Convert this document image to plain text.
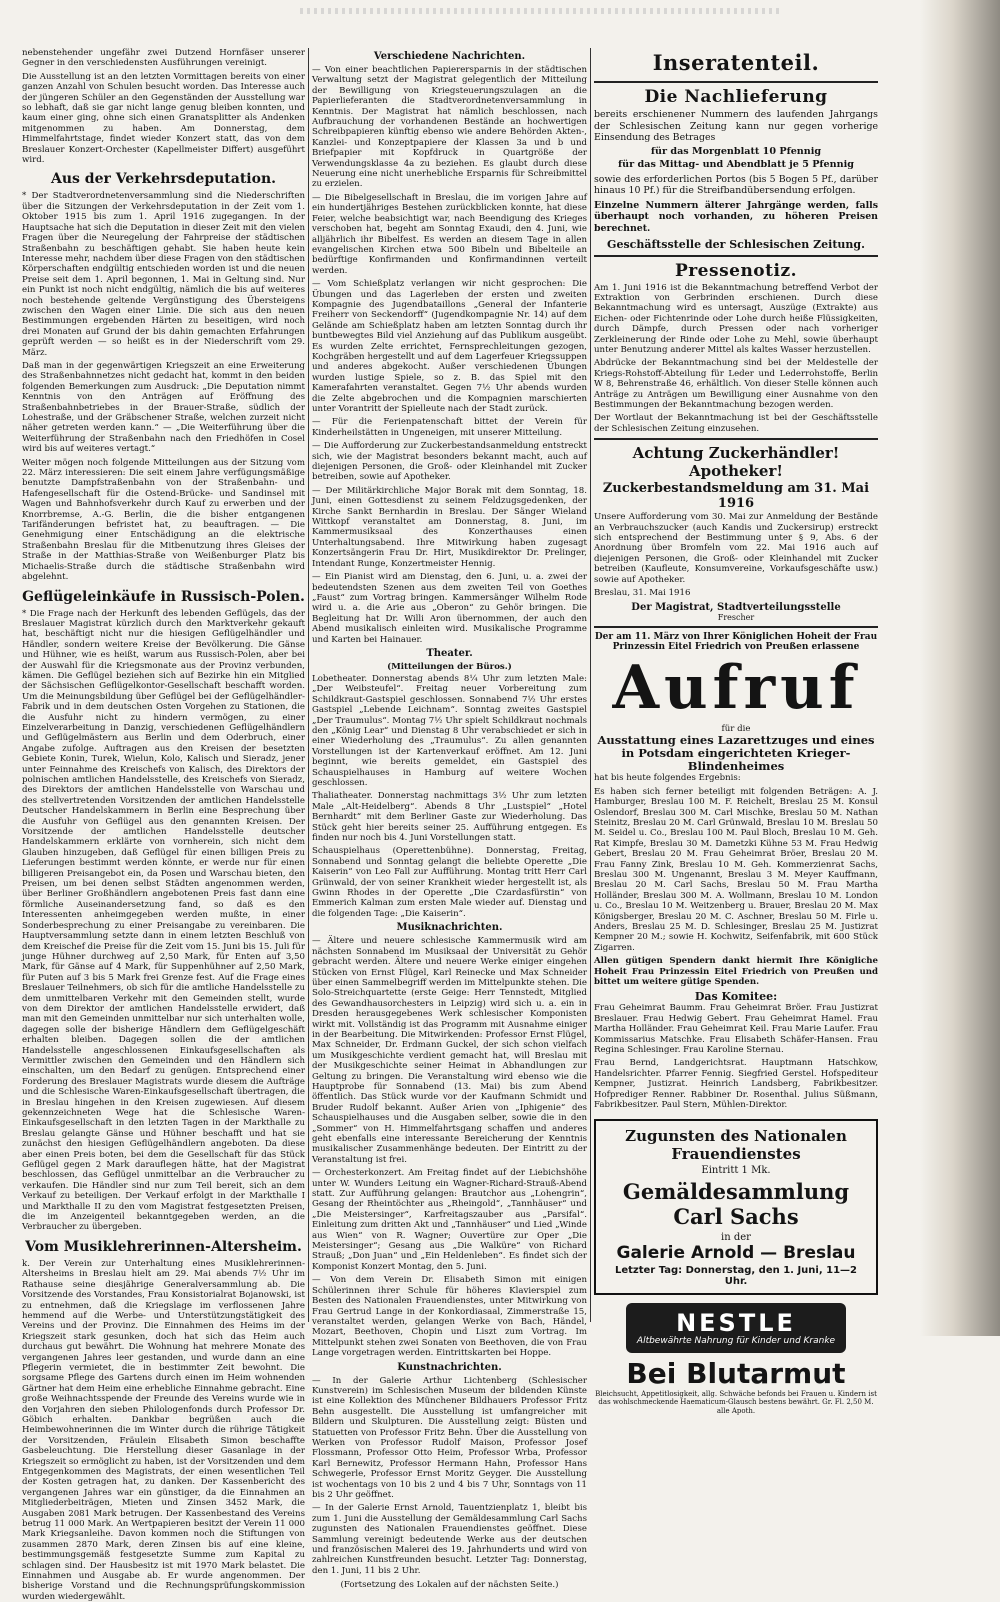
nebenstehender ungefähr zwei Dutzend Hornfäser unserer Gegner in den verschiedensten Ausführungen vereinigt.

Die Ausstellung ist an den letzten Vormittagen bereits von einer ganzen Anzahl von Schulen besucht worden. Das Interesse auch der jüngeren Schüler an den Gegenständen der Ausstellung war so lebhaft, daß sie gar nicht lange genug bleiben konnten, und kaum einer ging, ohne sich einen Granatsplitter als Andenken mitgenommen zu haben. Am Donnerstag, dem Himmelfahrtstage, findet wieder Konzert statt, das von dem Breslauer Konzert-Orchester (Kapellmeister Differt) ausgeführt wird.

Aus der Verkehrsdeputation.

* Der Stadtverordnetenversammlung sind die Niederschriften über die Sitzungen der Verkehrsdeputation in der Zeit vom 1. Oktober 1915 bis zum 1. April 1916 zugegangen. In der Hauptsache hat sich die Deputation in dieser Zeit mit den vielen Fragen über die Neuregelung der Fahrpreise der städtischen Straßenbahn zu beschäftigen gehabt. Sie haben heute kein Interesse mehr, nachdem über diese Fragen von den städtischen Körperschaften endgültig entschieden worden ist und die neuen Preise seit dem 1. April begonnen, 1. Mai in Geltung sind. Nur ein Punkt ist noch nicht endgültig, nämlich die bis auf weiteres noch bestehende geltende Vergünstigung des Übersteigens zwischen den Wagen einer Linie. Die sich aus den neuen Bestimmungen ergebenden Härten zu beseitigen, wird noch drei Monaten auf Grund der bis dahin gemachten Erfahrungen geprüft werden — so heißt es in der Niederschrift vom 29. März.

Daß man in der gegenwärtigen Kriegszeit an eine Erweiterung des Straßenbahnnetzes nicht gedacht hat, kommt in den beiden folgenden Bemerkungen zum Ausdruck: „Die Deputation nimmt Kenntnis von den Anträgen auf Eröffnung des Straßenbahnbetriebes in der Brauer-Straße, südlich der Lohestraße, und der Gräbschener Straße, welchen zurzeit nicht näher getreten werden kann.“ — „Die Weiterführung über die Weiterführung der Straßenbahn nach den Friedhöfen in Cosel wird bis auf weiteres vertagt.“

Weiter mögen noch folgende Mitteilungen aus der Sitzung vom 22. März interessieren: Die seit einem Jahre verfügungsmäßige benutzte Dampfstraßenbahn von der Straßenbahn- und Hafengesellschaft für die Ostend-Brücke- und Sandinsel mit Wagen und Bahnhofsverkehr durch Kauf zu erwerben und der Knorrbremse, A.-G. Berlin, die die bisher entgangenen Tarifänderungen befristet hat, zu beauftragen. — Die Genehmigung einer Entschädigung an die elektrische Straßenbahn Breslau für die Mitbenutzung ihres Gleises der Straße in der Matthias-Straße von Weißenburger Platz bis Michaelis-Straße durch die städtische Straßenbahn wird abgelehnt.

Geflügeleinkäufe in Russisch-Polen.

* Die Frage nach der Herkunft des lebenden Geflügels, das der Breslauer Magistrat kürzlich durch den Marktverkehr gekauft hat, beschäftigt nicht nur die hiesigen Geflügelhändler und Händler, sondern weitere Kreise der Bevölkerung. Die Gänse und Hühner, wie es heißt, warum aus Russisch-Polen, aber bei der Auswahl für die Kriegsmonate aus der Provinz verbunden, kämen. Die Geflügel beziehen sich auf Bezirke hin ein Mitglied der Sächsischen Geflügelkontor-Gesellschaft beschafft worden. Um die Meinungsbildung über Geflügel bei der Geflügelhändler-Fabrik und in dem deutschen Osten Vorgehen zu Stationen, die die Ausfuhr nicht zu hindern vermögen, zu einer Einzelverarbeitung in Danzig, verschiedenen Geflügelhändlern und Geflügelmästern aus Berlin und dem Oderbruch, einer Angabe zufolge. Auftragen aus den Kreisen der besetzten Gebiete Konin, Turek, Wielun, Kolo, Kalisch und Sieradz, jener unter Feinnahme des Kreischefs von Kalisch, des Direktors der polnischen amtlichen Handelsstelle, des Kreischefs von Sieradz, des Direktors der amtlichen Handelsstelle von Warschau und des stellvertretenden Vorsitzenden der amtlichen Handelsstelle Deutscher Handelskammern in Berlin eine Besprechung über die Ausfuhr von Geflügel aus den genannten Kreisen. Der Vorsitzende der amtlichen Handelsstelle deutscher Handelskammern erklärte von vornherein, sich nicht dem Glauben hinzugeben, daß Geflügel für einen billigen Preis zu Lieferungen bestimmt werden könnte, er werde nur für einen billigeren Preisangebot ein, da Posen und Warschau bieten, den Preisen, um bei denen selbst Städten angenommen werden, über Berliner Großhändlern angebotenen Preis fast dann eine förmliche Auseinandersetzung fand, so daß es den Interessenten anheimgegeben werden mußte, in einer Sonderbesprechung zu einer Preisangabe zu vereinbaren. Die Hauptversammlung setzte dann in einem letzten Beschluß von dem Kreischef die Preise für die Zeit vom 15. Juni bis 15. Juli für junge Hühner durchweg auf 2,50 Mark, für Enten auf 3,50 Mark, für Gänse auf 4 Mark, für Suppenhühner auf 2,50 Mark, für Puten auf 3 bis 5 Mark frei Grenze fest. Auf die Frage eines Breslauer Teilnehmers, ob sich für die amtliche Handelsstelle zu dem unmittelbaren Verkehr mit den Gemeinden stellt, wurde von dem Direktor der amtlichen Handelsstelle erwidert, daß man mit den Gemeinden unmittelbar nur sich unterhalten wolle, dagegen solle der bisherige Händlern dem Geflügelgeschäft erhalten bleiben. Dagegen sollen die der amtlichen Handelsstelle angeschlossenen Einkaufsgesellschaften als Vermittler zwischen den Gemeinden und den Händlern sich einschalten, um den Bedarf zu genügen. Entsprechend einer Forderung des Breslauer Magistrats wurde diesem die Aufträge und die Schlesische Waren-Einkaufsgesellschaft übertragen, die in Breslau hingehen in den Kreisen zugewiesen. Auf diesem gekennzeichneten Wege hat die Schlesische Waren-Einkaufsgesellschaft in den letzten Tagen in der Markthalle zu Breslau gelangte Gänse und Hühner beschafft und hat sie zunächst den hiesigen Geflügelhändlern angeboten. Da diese aber einen Preis boten, bei dem die Gesellschaft für das Stück Geflügel gegen 2 Mark darauflegen hätte, hat der Magistrat beschlossen, das Geflügel unmittelbar an die Verbraucher zu verkaufen. Die Händler sind nur zum Teil bereit, sich an dem Verkauf zu beteiligen. Der Verkauf erfolgt in der Markthalle I und Markthalle II zu den vom Magistrat festgesetzten Preisen, die im Anzeigenteil bekanntgegeben werden, an die Verbraucher zu übergeben.

Vom Musiklehrerinnen-Altersheim.

k. Der Verein zur Unterhaltung eines Musiklehrerinnen-Altersheims in Breslau hielt am 29. Mai abends 7½ Uhr im Rathause seine diesjährige Generalversammlung ab. Die Vorsitzende des Vorstandes, Frau Konsistorialrat Bojanowski, ist zu entnehmen, daß die Kriegslage im verflossenen Jahre hemmend auf die Werbe- und Unterstützungstätigkeit des Vereins und der Provinz. Die Einnahmen des Heims im der Kriegszeit stark gesunken, doch hat sich das Heim auch durchaus gut bewährt. Die Wohnung hat mehrere Monate des vergangenen Jahres leer gestanden, und wurde dann an eine Pflegerin vermietet, die in bestimmter Zeit bewohnt. Die sorgsame Pflege des Gartens durch einen im Heim wohnenden Gärtner hat dem Heim eine erhebliche Einnahme gebracht. Eine große Weihnachtsspende der Freunde des Vereins wurde wie in den Vorjahren den sieben Philologenfonds durch Professor Dr. Göbich erhalten. Dankbar begrüßen auch die Heimbewohnerinnen die im Winter durch die rührige Tätigkeit der Vorsitzenden, Fräulein Elisabeth Simon beschaffte Gasbeleuchtung. Die Herstellung dieser Gasanlage in der Kriegszeit so ermöglicht zu haben, ist der Vorsitzenden und dem Entgegenkommen des Magistrats, der einen wesentlichen Teil der Kosten getragen hat, zu danken. Der Kassenbericht des vergangenen Jahres war ein günstiger, da die Einnahmen an Mitgliederbeiträgen, Mieten und Zinsen 3452 Mark, die Ausgaben 2081 Mark betrugen. Der Kassenbestand des Vereins betrug 11 000 Mark. An Wertpapieren besitzt der Verein 11 000 Mark Kriegsanleihe. Davon kommen noch die Stiftungen von zusammen 2870 Mark, deren Zinsen bis auf eine kleine, bestimmungsgemäß festgesetzte Summe zum Kapital zu schlagen sind. Der Hausbesitz ist mit 1970 Mark belastet. Die Einnahmen und Ausgabe ab. Er wurde angenommen. Der bisherige Vorstand und die Rechnungsprüfungskommission wurden wiedergewählt.

Verschiedene Nachrichten.

— Von einer beachtlichen Papierersparnis in der städtischen Verwaltung setzt der Magistrat gelegentlich der Mitteilung der Bewilligung von Kriegsteuerungszulagen an die Papierlieferanten die Stadtverordnetenversammlung in Kenntnis. Der Magistrat hat nämlich beschlossen, nach Aufbrauchung der vorhandenen Bestände an hochwertigen Schreibpapieren künftig ebenso wie andere Behörden Akten-, Kanzlei- und Konzeptpapiere der Klassen 3a und b und Briefpapier mit Kopfdruck in Quartgröße der Verwendungsklasse 4a zu beziehen. Es glaubt durch diese Neuerung eine nicht unerhebliche Ersparnis für Schreibmittel zu erzielen.

— Die Bibelgesellschaft in Breslau, die im vorigen Jahre auf ein hundertjähriges Bestehen zurückblicken konnte, hat diese Feier, welche beabsichtigt war, nach Beendigung des Krieges verschoben hat, begeht am Sonntag Exaudi, den 4. Juni, wie alljährlich ihr Bibelfest. Es werden an diesem Tage in allen evangelischen Kirchen etwa 500 Bibeln und Bibelteile an bedürftige Konfirmanden und Konfirmandinnen verteilt werden.

— Vom Schießplatz verlangen wir nicht gesprochen: Die Übungen und das Lagerleben der ersten und zweiten Kompagnie des Jugendbataillons „General der Infanterie Freiherr von Seckendorff“ (Jugendkompagnie Nr. 14) auf dem Gelände am Schießplatz haben am letzten Sonntag durch ihr buntbewegtes Bild viel Anziehung auf das Publikum ausgeübt. Es wurden Zelte errichtet, Fernsprechleitungen gezogen, Kochgräben hergestellt und auf dem Lagerfeuer Kriegssuppen und anderes abgekocht. Außer verschiedenen Übungen wurden lustige Spiele, so z. B. das Spiel mit den Kamerafahrten veranstaltet. Gegen 7½ Uhr abends wurden die Zelte abgebrochen und die Kompagnien marschierten unter Vorantritt der Spielleute nach der Stadt zurück.

— Für die Ferienpatenschaft bittet der Verein für Kinderheilstätten in Ungeneigen, mit unserer Mitteilung.

— Die Aufforderung zur Zuckerbestandsanmeldung entstreckt sich, wie der Magistrat besonders bekannt macht, auch auf diejenigen Personen, die Groß- oder Kleinhandel mit Zucker betreiben, sowie auf Apotheker.

— Der Militärkirchliche Major Borak mit dem Sonntag, 18. Juni, einen Gottesdienst zu seinem Feldzugsgedenken, der Kirche Sankt Bernhardin in Breslau. Der Sänger Wieland Wittkopf veranstaltet am Donnerstag, 8. Juni, im Kammermusiksaal des Konzerthauses einen Unterhaltungsabend. Ihre Mitwirkung haben zugesagt Konzertsängerin Frau Dr. Hirt, Musikdirektor Dr. Prelinger, Intendant Runge, Konzertmeister Hennig.

— Ein Pianist wird am Dienstag, den 6. Juni, u. a. zwei der bedeutendsten Szenen aus dem zweiten Teil von Goethes „Faust“ zum Vortrag bringen. Kammersänger Wilhelm Rode wird u. a. die Arie aus „Oberon“ zu Gehör bringen. Die Begleitung hat Dr. Willi Aron übernommen, der auch den Abend musikalisch einleiten wird. Musikalische Programme und Karten bei Hainauer.

Theater.
(Mitteilungen der Büros.)

Lobetheater. Donnerstag abends 8¼ Uhr zum letzten Male: „Der Weibsteufel“. Freitag neuer Vorbereitung zum Schildkraut-Gastspiel geschlossen. Sonnabend 7½ Uhr erstes Gastspiel „Lebende Leichnam“. Sonntag zweites Gastspiel „Der Traumulus“. Montag 7½ Uhr spielt Schildkraut nochmals den „König Lear“ und Dienstag 8 Uhr verabschiedet er sich in einer Wiederholung des „Traumulus“. Zu allen genannten Vorstellungen ist der Kartenverkauf eröffnet. Am 12. Juni beginnt, wie bereits gemeldet, ein Gastspiel des Schauspielhauses in Hamburg auf weitere Wochen geschlossen.

Thaliatheater. Donnerstag nachmittags 3½ Uhr zum letzten Male „Alt-Heidelberg“. Abends 8 Uhr „Lustspiel“ „Hotel Bernhardt“ mit dem Berliner Gaste zur Wiederholung. Das Stück geht hier bereits seiner 25. Aufführung entgegen. Es finden nur noch bis 4. Juni Vorstellungen statt.

Schauspielhaus (Operettenbühne). Donnerstag, Freitag, Sonnabend und Sonntag gelangt die beliebte Operette „Die Kaiserin“ von Leo Fall zur Aufführung. Montag tritt Herr Carl Grünwald, der von seiner Krankheit wieder hergestellt ist, als Gwinn Rhodes in der Operette „Die Czardasfürstin“ von Emmerich Kalman zum ersten Male wieder auf. Dienstag und die folgenden Tage: „Die Kaiserin“.

Musiknachrichten.

— Ältere und neuere schlesische Kammermusik wird am nächsten Sonnabend im Musiksaal der Universität zu Gehör gebracht werden. Ältere und neuere Werke einiger eingehen Stücken von Ernst Flügel, Karl Reinecke und Max Schneider über einen Sammelbegriff werden im Mittelpunkte stehen. Die Solo-Streichquartette (erste Geige: Herr Tennstedt, Mitglied des Gewandhausorchesters in Leipzig) wird sich u. a. ein in Dresden herausgegebenes Werk schlesischer Komponisten wirkt mit. Vollständig ist das Programm mit Ausnahme einiger in der Bearbeitung. Die Mitwirkenden: Professor Ernst Flügel, Max Schneider, Dr. Erdmann Guckel, der sich schon vielfach um Musikgeschichte verdient gemacht hat, will Breslau mit der Musikgeschichte seiner Heimat in Abhandlungen zur Geltung zu bringen. Die Veranstaltung wird ebenso wie die Hauptprobe für Sonnabend (13. Mai) bis zum Abend öffentlich. Das Stück wurde vor der Kaufmann Schmidt und Bruder Rudolf bekannt. Außer Arien von „Iphigenie“ des Schauspielhauses und die Ausgaben selber, sowie die in den „Sommer“ von H. Himmelfahrtsgang schaffen und anderes geht ebenfalls eine interessante Bereicherung der Kenntnis musikalischer Zusammenhänge bedeuten. Der Eintritt zu der Veranstaltung ist frei.

— Orchesterkonzert. Am Freitag findet auf der Liebichshöhe unter W. Wunders Leitung ein Wagner-Richard-Strauß-Abend statt. Zur Aufführung gelangen: Brautchor aus „Lohengrin“, Gesang der Rheintöchter aus „Rheingold“, „Tannhäuser“ und „Die Meistersinger“, Karfreitagszauber aus „Parsifal“. Einleitung zum dritten Akt und „Tannhäuser“ und Lied „Winde aus Wien“ von R. Wagner; Ouvertüre zur Oper „Die Meistersinger“; Gesang aus „Die Walküre“ von Richard Strauß; „Don Juan“ und „Ein Heldenleben“. Es findet sich der Komponist Konzert Montag, den 5. Juni.

— Von dem Verein Dr. Elisabeth Simon mit einigen Schülerinnen ihrer Schule für höheres Klavierspiel zum Besten des Nationalen Frauendienstes, unter Mitwirkung von Frau Gertrud Lange in der Konkordiasaal, Zimmerstraße 15, veranstaltet werden, gelangen Werke von Bach, Händel, Mozart, Beethoven, Chopin und Liszt zum Vortrag. Im Mittelpunkt stehen zwei Sonaten von Beethoven, die von Frau Lange vorgetragen werden. Eintrittskarten bei Hoppe.

Kunstnachrichten.

— In der Galerie Arthur Lichtenberg (Schlesischer Kunstverein) im Schlesischen Museum der bildenden Künste ist eine Kollektion des Münchener Bildhauers Professor Fritz Behn ausgestellt. Die Ausstellung ist umfangreicher mit Bildern und Skulpturen. Die Ausstellung zeigt: Büsten und Statuetten von Professor Fritz Behn. Über die Ausstellung von Werken von Professor Rudolf Maison, Professor Josef Flossmann, Professor Otto Heim, Professor Wrba, Professor Karl Bernewitz, Professor Hermann Hahn, Professor Hans Schwegerle, Professor Ernst Moritz Geyger. Die Ausstellung ist wochentags von 10 bis 2 und 4 bis 7 Uhr, Sonntags von 11 bis 2 Uhr geöffnet.

— In der Galerie Ernst Arnold, Tauentzienplatz 1, bleibt bis zum 1. Juni die Ausstellung der Gemäldesammlung Carl Sachs zugunsten des Nationalen Frauendienstes geöffnet. Diese Sammlung vereinigt bedeutende Werke aus der deutschen und französischen Malerei des 19. Jahrhunderts und wird von zahlreichen Kunstfreunden besucht. Letzter Tag: Donnerstag, den 1. Juni, 11 bis 2 Uhr.

(Fortsetzung des Lokalen auf der nächsten Seite.)
Inseratenteil.
Die Nachlieferung

bereits erschienener Nummern des laufenden Jahrgangs der Schlesischen Zeitung kann nur gegen vorherige Einsendung des Betrages

für das Morgenblatt 10 Pfennig

für das Mittag- und Abendblatt je 5 Pfennig

sowie des erforderlichen Portos (bis 5 Bogen 5 Pf., darüber hinaus 10 Pf.) für die Streifbandübersendung erfolgen.

Einzelne Nummern älterer Jahrgänge werden, falls überhaupt noch vorhanden, zu höheren Preisen berechnet.

Geschäftsstelle der Schlesischen Zeitung.
Pressenotiz.

Am 1. Juni 1916 ist die Bekanntmachung betreffend Verbot der Extraktion von Gerbrinden erschienen. Durch diese Bekanntmachung wird es untersagt, Auszüge (Extrakte) aus Eichen- oder Fichtenrinde oder Lohe durch heiße Flüssigkeiten, durch Dämpfe, durch Pressen oder nach vorheriger Zerkleinerung der Rinde oder Lohe zu Mehl, sowie überhaupt unter Benutzung anderer Mittel als kaltes Wasser herzustellen.

Abdrücke der Bekanntmachung sind bei der Meldestelle der Kriegs-Rohstoff-Abteilung für Leder und Lederrohstoffe, Berlin W 8, Behrenstraße 46, erhältlich. Von dieser Stelle können auch Anträge zu Anträgen um Bewilligung einer Ausnahme von den Bestimmungen der Bekanntmachung bezogen werden.

Der Wortlaut der Bekanntmachung ist bei der Geschäftsstelle der Schlesischen Zeitung einzusehen.

Achtung Zuckerhändler! Apotheker!
Zuckerbestandsmeldung am 31. Mai 1916

Unsere Aufforderung vom 30. Mai zur Anmeldung der Bestände an Verbrauchszucker (auch Kandis und Zuckersirup) erstreckt sich entsprechend der Bestimmung unter § 9, Abs. 6 der Anordnung über Bromfeln vom 22. Mai 1916 auch auf diejenigen Personen, die Groß- oder Kleinhandel mit Zucker betreiben (Kaufleute, Konsumvereine, Vorkaufsgeschäfte usw.) sowie auf Apotheker.

Breslau, 31. Mai 1916

Der Magistrat, Stadtverteilungsstelle
Frescher

Der am 11. März von Ihrer Königlichen Hoheit der Frau Prinzessin Eitel Friedrich von Preußen erlassene

Aufruf
für die
Ausstattung eines Lazarettzuges und eines in Potsdam eingerichteten Krieger-Blindenheimes

hat bis heute folgendes Ergebnis:

Es haben sich ferner beteiligt mit folgenden Beträgen: A. J. Hamburger, Breslau 100 M. F. Reichelt, Breslau 25 M. Konsul Oslendorf, Breslau 300 M. Carl Mischke, Breslau 50 M. Nathan Steinitz, Breslau 20 M. Carl Grünwald, Breslau 10 M. Breslau 50 M. Seidel u. Co., Breslau 100 M. Paul Bloch, Breslau 10 M. Geh. Rat Kimpfe, Breslau 30 M. Dametzki Kühne 53 M. Frau Hedwig Gebert, Breslau 20 M. Frau Geheimrat Bröer, Breslau 20 M. Frau Fanny Zink, Breslau 10 M. Geh. Kommerzienrat Sachs, Breslau 300 M. Ungenannt, Breslau 3 M. Meyer Kauffmann, Breslau 20 M. Carl Sachs, Breslau 50 M. Frau Martha Holländer, Breslau 300 M. A. Wollmann, Breslau 10 M. London u. Co., Breslau 10 M. Weitzenberg u. Brauer, Breslau 20 M. Max Königsberger, Breslau 20 M. C. Aschner, Breslau 50 M. Firle u. Anders, Breslau 25 M. D. Schlesinger, Breslau 25 M. Justizrat Kempner 20 M.; sowie H. Kochwitz, Seifenfabrik, mit 600 Stück Zigarren.

Allen gütigen Spendern dankt hiermit Ihre Königliche Hoheit Frau Prinzessin Eitel Friedrich von Preußen und bittet um weitere gütige Spenden.

Das Komitee:

Frau Geheimrat Baumm. Frau Geheimrat Bröer. Frau Justizrat Breslauer. Frau Hedwig Gebert. Frau Geheimrat Hamel. Frau Martha Holländer. Frau Geheimrat Keil. Frau Marie Laufer. Frau Kommissarius Matschke. Frau Elisabeth Schäfer-Hansen. Frau Regina Schlesinger. Frau Karoline Sternau.

Frau Bernd, Landgerichtsrat. Hauptmann Hatschkow, Handelsrichter. Pfarrer Fennig. Siegfried Gerstel. Hofspediteur Kempner, Justizrat. Heinrich Landsberg, Fabrikbesitzer. Hofprediger Renner. Rabbiner Dr. Rosenthal. Julius Süßmann, Fabrikbesitzer. Paul Stern, Mühlen-Direktor.

Zugunsten des Nationalen Frauendienstes
Eintritt 1 Mk.
Gemäldesammlung Carl Sachs
in der
Galerie Arnold — Breslau
Letzter Tag: Donnerstag, den 1. Juni, 11—2 Uhr.
NESTLE
Altbewährte Nahrung für Kinder und Kranke
Bei Blutarmut
Bleichsucht, Appetitlosigkeit, allg. Schwäche befonds bei Frauen u. Kindern ist das wohlschmeckende Haematicum-Glausch bestens bewährt. Gr. Fl. 2,50 M. alle Apoth.
